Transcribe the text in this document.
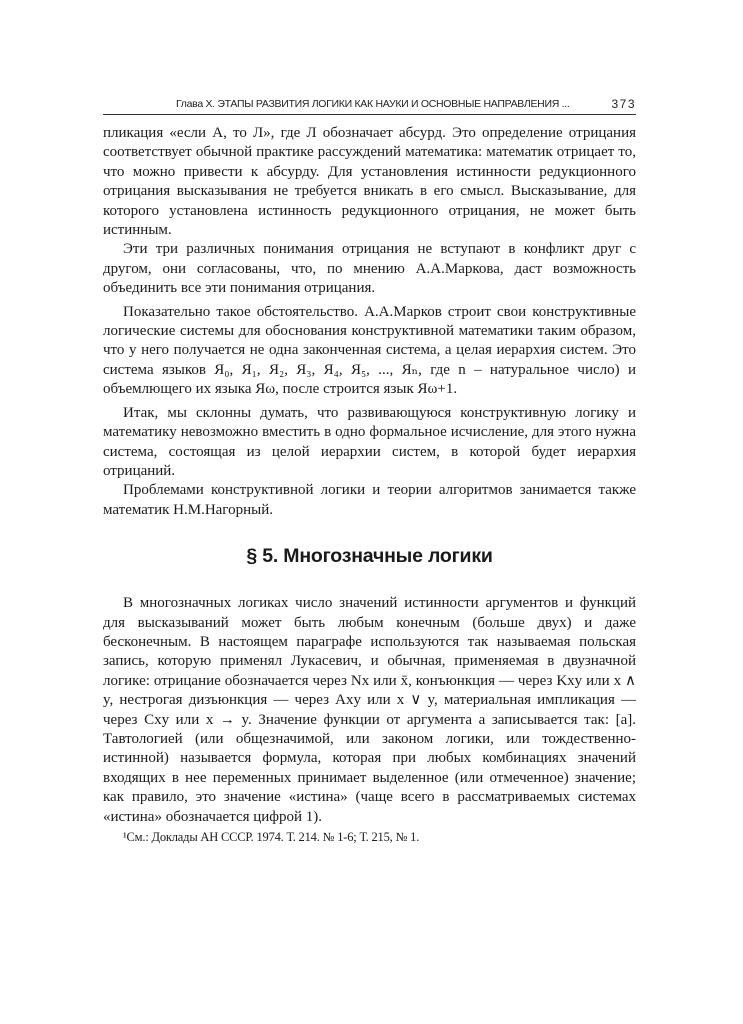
Глава X. ЭТАПЫ РАЗВИТИЯ ЛОГИКИ КАК НАУКИ И ОСНОВНЫЕ НАПРАВЛЕНИЯ ...	373

пликация «если А, то Л», где Л обозначает абсурд. Это определение отрицания соответствует обычной практике рассуждений математика: математик отрицает то, что можно привести к абсурду. Для установления истинности редукционного отрицания высказывания не требуется вникать в его смысл. Высказывание, для которого установлена истинность редукционного отрицания, не может быть истинным.

Эти три различных понимания отрицания не вступают в конфликт друг с другом, они согласованы, что, по мнению А.А.Маркова, даст возможность объединить все эти понимания отрицания.

Показательно такое обстоятельство. А.А.Марков строит свои конструктивные логические системы для обоснования конструктивной математики таким образом, что у него получается не одна законченная система, а целая иерархия систем. Это система языков Я₀, Я₁, Я₂, Я₃, Я₄, Я₅, ..., Яₙ, где n – натуральное число) и объемлющего их языка Яω, после строится язык Яω+1.

Итак, мы склонны думать, что развивающуюся конструктивную логику и математику невозможно вместить в одно формальное исчисление, для этого нужна система, состоящая из целой иерархии систем, в которой будет иерархия отрицаний.

Проблемами конструктивной логики и теории алгоритмов занимается также математик Н.М.Нагорный.

§ 5. Многозначные логики

В многозначных логиках число значений истинности аргументов и функций для высказываний может быть любым конечным (больше двух) и даже бесконечным. В настоящем параграфе используются так называемая польская запись, которую применял Лукасевич, и обычная, применяемая в двузначной логике: отрицание обозначается через Nx или x̄, конъюнкция — через Kxy или x ∧ y, нестрогая дизъюнкция — через Axy или x ∨ y, материальная импликация — через Cxy или x → y. Значение функции от аргумента a записывается так: [a]. Тавтологией (или общезначимой, или законом логики, или тождественно-истинной) называется формула, которая при любых комбинациях значений входящих в нее переменных принимает выделенное (или отмеченное) значение; как правило, это значение «истина» (чаще всего в рассматриваемых системах «истина» обозначается цифрой 1).

¹См.: Доклады АН СССР. 1974. Т. 214. № 1-6; Т. 215, № 1.
